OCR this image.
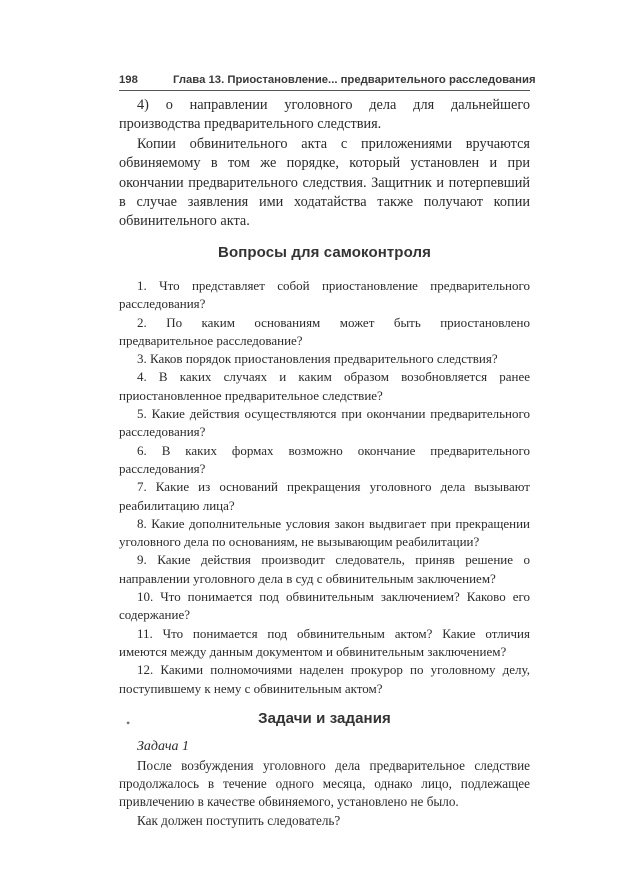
198	Глава 13. Приостановление... предварительного расследования

4) о направлении уголовного дела для дальнейшего производства предварительного следствия.

Копии обвинительного акта с приложениями вручаются обвиняемому в том же порядке, который установлен и при окончании предварительного следствия. Защитник и потерпевший в случае заявления ими ходатайства также получают копии обвинительного акта.

Вопросы для самоконтроля

1. Что представляет собой приостановление предварительного расследования?

2. По каким основаниям может быть приостановлено предварительное расследование?

3. Каков порядок приостановления предварительного следствия?

4. В каких случаях и каким образом возобновляется ранее приостановленное предварительное следствие?

5. Какие действия осуществляются при окончании предварительного расследования?

6. В каких формах возможно окончание предварительного расследования?

7. Какие из оснований прекращения уголовного дела вызывают реабилитацию лица?

8. Какие дополнительные условия закон выдвигает при прекращении уголовного дела по основаниям, не вызывающим реабилитации?

9. Какие действия производит следователь, приняв решение о направлении уголовного дела в суд с обвинительным заключением?

10. Что понимается под обвинительным заключением? Каково его содержание?

11. Что понимается под обвинительным актом? Какие отличия имеются между данным документом и обвинительным заключением?

12. Какими полномочиями наделен прокурор по уголовному делу, поступившему к нему с обвинительным актом?

•	Задачи и задания
Задача 1

После возбуждения уголовного дела предварительное следствие продолжалось в течение одного месяца, однако лицо, подлежащее привлечению в качестве обвиняемого, установлено не было.

Как должен поступить следователь?
